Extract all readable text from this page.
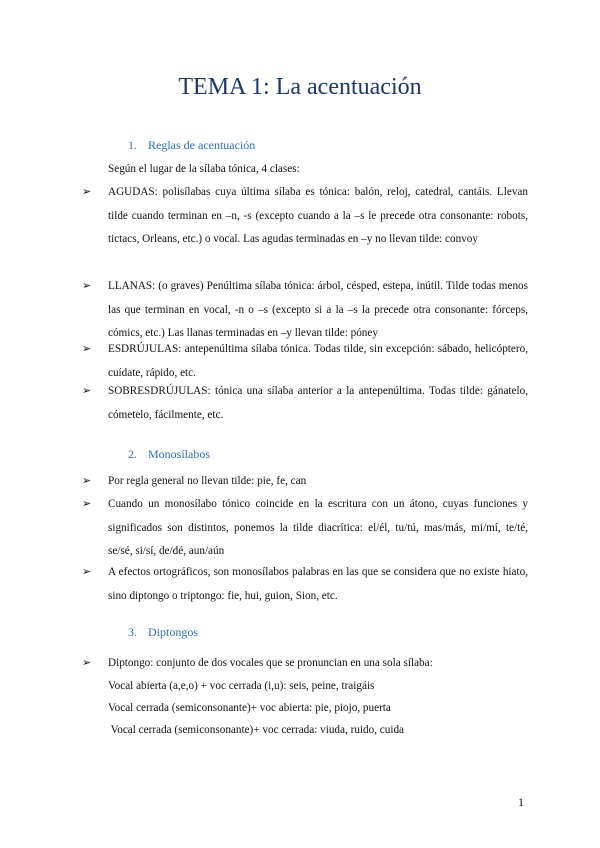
TEMA 1: La acentuación
1. Reglas de acentuación
Según el lugar de la sílaba tónica, 4 clases:
➢ AGUDAS: polisílabas cuya última sílaba es tónica: balón, reloj, catedral, cantáis. Llevan tilde cuando terminan en –n, -s (excepto cuando a la –s le precede otra consonante: robots, tictacs, Orleans, etc.) o vocal. Las agudas terminadas en –y no llevan tilde: convoy
➢ LLANAS: (o graves) Penúltima sílaba tónica: árbol, césped, estepa, inútil. Tilde todas menos las que terminan en vocal, -n o –s (excepto si a la –s la precede otra consonante: fórceps, cómics, etc.) Las llanas terminadas en –y llevan tilde: póney
➢ ESDRÚJULAS: antepenúltima sílaba tónica. Todas tilde, sin excepción: sábado, helicóptero, cuídate, rápido, etc.
➢ SOBRESDRÚJULAS: tónica una sílaba anterior a la antepenúltima. Todas tilde: gánatelo, cómetelo, fácilmente, etc.
2. Monosílabos
➢ Por regla general no llevan tilde: pie, fe, can
➢ Cuando un monosílabo tónico coincide en la escritura con un átono, cuyas funciones y significados son distintos, ponemos la tilde diacrítica: el/él, tu/tú, mas/más, mi/mí, te/té, se/sé, si/sí, de/dé, aun/aún
➢ A efectos ortográficos, son monosílabos palabras en las que se considera que no existe hiato, sino diptongo o triptongo: fie, hui, guion, Sion, etc.
3. Diptongos
➢ Diptongo: conjunto de dos vocales que se pronuncian en una sola sílaba:
Vocal abierta (a,e,o) + voc cerrada (i,u): seis, peine, traigáis
Vocal cerrada (semiconsonante)+ voc abierta: pie, piojo, puerta
Vocal cerrada (semiconsonante)+ voc cerrada: viuda, ruido, cuida
1
